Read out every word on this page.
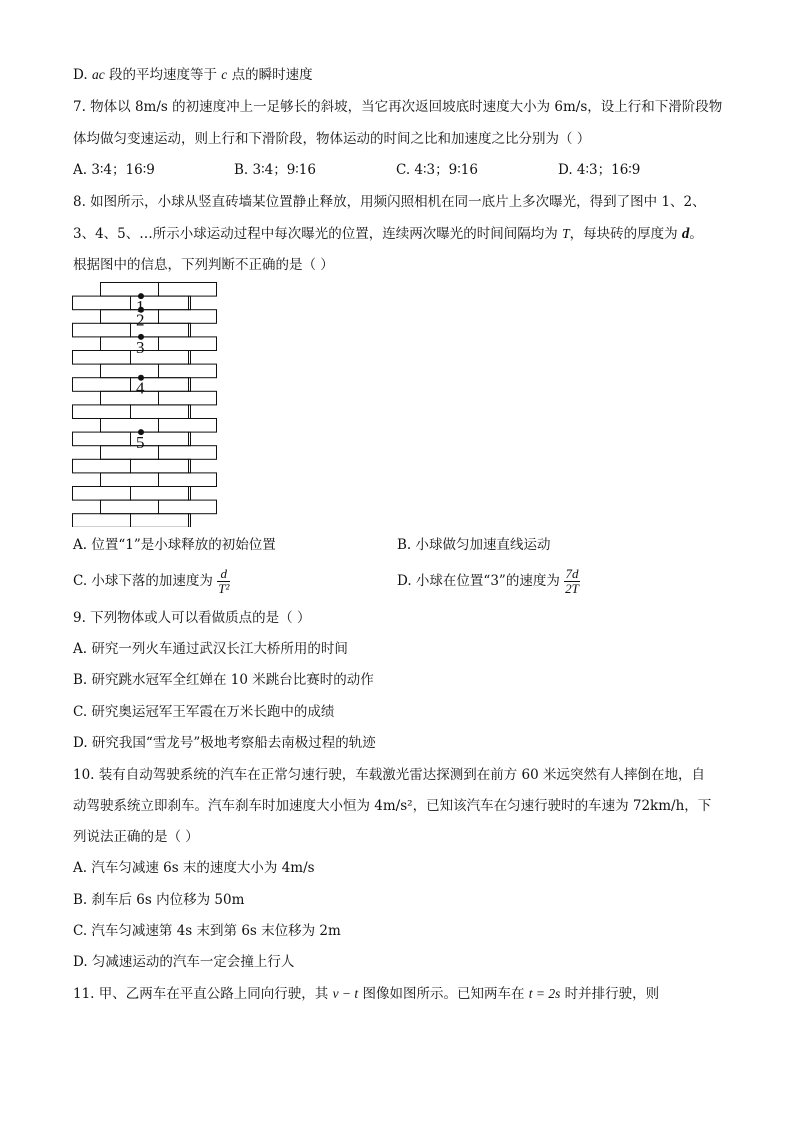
D. ac 段的平均速度等于 c 点的瞬时速度
7. 物体以 8m/s 的初速度冲上一足够长的斜坡，当它再次返回坡底时速度大小为 6m/s，设上行和下滑阶段物
体均做匀变速运动，则上行和下滑阶段，物体运动的时间之比和加速度之比分别为（ ）
A. 3∶4；16∶9	B. 3∶4；9∶16	C. 4∶3；9∶16	D. 4∶3；16∶9
8. 如图所示，小球从竖直砖墙某位置静止释放，用频闪照相机在同一底片上多次曝光，得到了图中 1、2、
3、4、5、…所示小球运动过程中每次曝光的位置，连续两次曝光的时间间隔均为 T，每块砖的厚度为 d。
根据图中的信息，下列判断不正确的是（ ）
1
2
3
4
5
A. 位置“1”是小球释放的初始位置	B. 小球做匀加速直线运动
C. 小球下落的加速度为 $\frac{d}{\text{T²}}$	D. 小球在位置“3”的速度为 $\frac{7d}{2T}$
9. 下列物体或人可以看做质点的是（ ）
A. 研究一列火车通过武汉长江大桥所用的时间
B. 研究跳水冠军全红婵在 10 米跳台比赛时的动作
C. 研究奥运冠军王军霞在万米长跑中的成绩
D. 研究我国“雪龙号”极地考察船去南极过程的轨迹
10. 装有自动驾驶系统的汽车在正常匀速行驶，车载激光雷达探测到在前方 60 米远突然有人摔倒在地，自
动驾驶系统立即刹车。汽车刹车时加速度大小恒为 4m/s²，已知该汽车在匀速行驶时的车速为 72km/h，下
列说法正确的是（ ）
A. 汽车匀减速 6s 末的速度大小为 4m/s
B. 刹车后 6s 内位移为 50m
C. 汽车匀减速第 4s 末到第 6s 末位移为 2m
D. 匀减速运动的汽车一定会撞上行人
11. 甲、乙两车在平直公路上同向行驶，其 v − t 图像如图所示。已知两车在 t = 2s 时并排行驶，则
